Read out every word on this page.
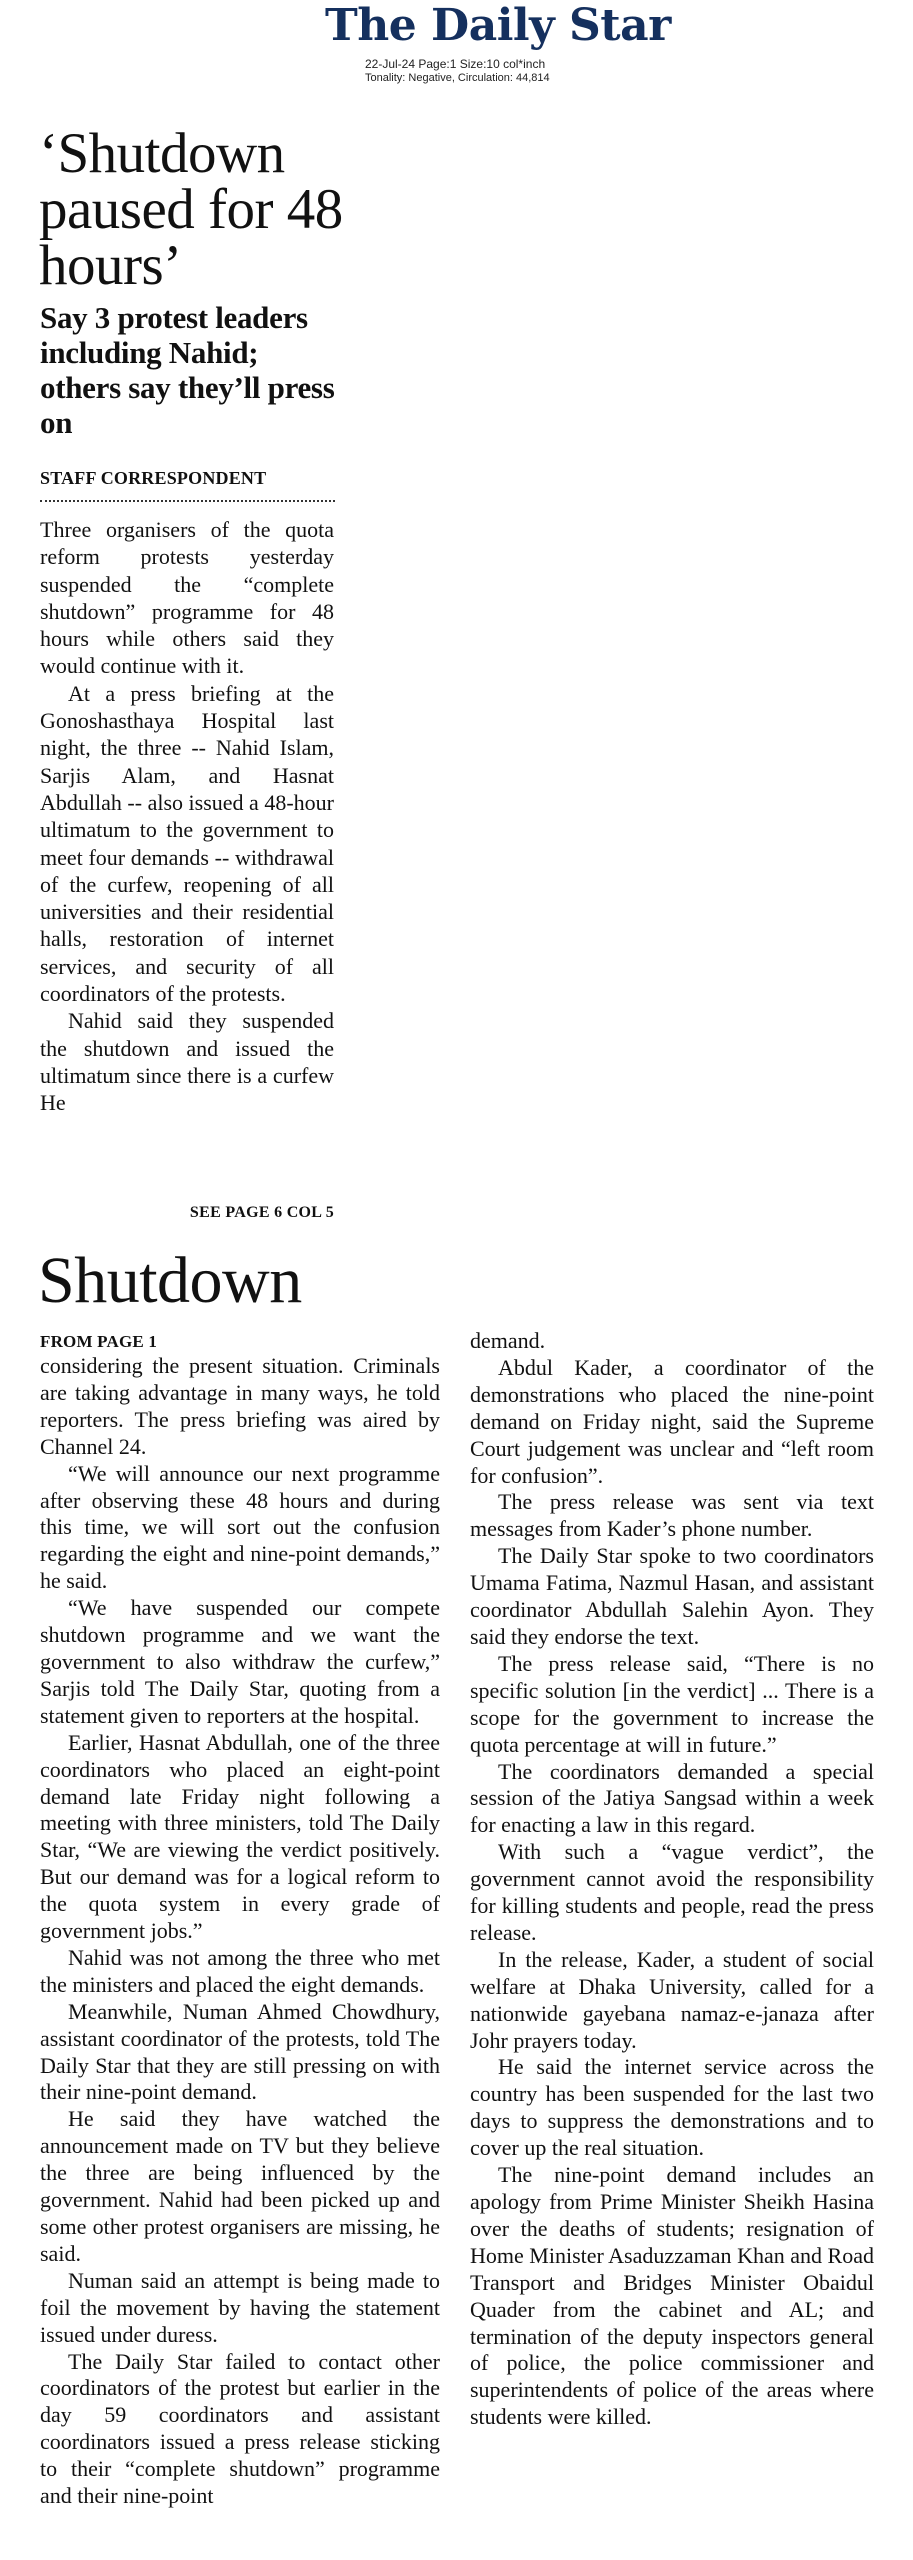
The Daily Star
22-Jul-24 Page:1 Size:10 col*inch
Tonality: Negative, Circulation: 44,814
‘Shutdown paused for 48 hours’
Say 3 protest leaders including Nahid; others say they’ll press on
STAFF CORRESPONDENT

Three organisers of the quota reform protests yesterday suspended the “complete shutdown” programme for 48 hours while others said they would continue with it.

At a press briefing at the Gonoshasthaya Hospital last night, the three -- Nahid Islam, Sarjis Alam, and Hasnat Abdullah -- also issued a 48-hour ultimatum to the government to meet four demands -- withdrawal of the curfew, reopening of all universities and their residential halls, restoration of internet services, and security of all coordinators of the protests.

Nahid said they suspended the shutdown and issued the ultimatum since there is a curfew He

SEE PAGE 6 COL 5
Shutdown
FROM PAGE 1

considering the present situation. Criminals are taking advantage in many ways, he told reporters. The press briefing was aired by Channel 24.

“We will announce our next programme after observing these 48 hours and during this time, we will sort out the confusion regarding the eight and nine-point demands,” he said.

“We have suspended our compete shutdown programme and we want the government to also withdraw the curfew,” Sarjis told The Daily Star, quoting from a statement given to reporters at the hospital.

Earlier, Hasnat Abdullah, one of the three coordinators who placed an eight-point demand late Friday night following a meeting with three ministers, told The Daily Star, “We are viewing the verdict positively. But our demand was for a logical reform to the quota system in every grade of government jobs.”

Nahid was not among the three who met the ministers and placed the eight demands.

Meanwhile, Numan Ahmed Chowdhury, assistant coordinator of the protests, told The Daily Star that they are still pressing on with their nine-point demand.

He said they have watched the announcement made on TV but they believe the three are being influenced by the government. Nahid had been picked up and some other protest organisers are missing, he said.

Numan said an attempt is being made to foil the movement by having the statement issued under duress.

The Daily Star failed to contact other coordinators of the protest but earlier in the day 59 coordinators and assistant coordinators issued a press release sticking to their “complete shutdown” programme and their nine-point

demand.

Abdul Kader, a coordinator of the demonstrations who placed the nine-point demand on Friday night, said the Supreme Court judgement was unclear and “left room for confusion”.

The press release was sent via text messages from Kader’s phone number.

The Daily Star spoke to two coordinators Umama Fatima, Nazmul Hasan, and assistant coordinator Abdullah Salehin Ayon. They said they endorse the text.

The press release said, “There is no specific solution [in the verdict] ... There is a scope for the government to increase the quota percentage at will in future.”

The coordinators demanded a special session of the Jatiya Sangsad within a week for enacting a law in this regard.

With such a “vague verdict”, the government cannot avoid the responsibility for killing students and people, read the press release.

In the release, Kader, a student of social welfare at Dhaka University, called for a nationwide gayebana namaz-e-janaza after Johr prayers today.

He said the internet service across the country has been suspended for the last two days to suppress the demonstrations and to cover up the real situation.

The nine-point demand includes an apology from Prime Minister Sheikh Hasina over the deaths of students; resignation of Home Minister Asaduzzaman Khan and Road Transport and Bridges Minister Obaidul Quader from the cabinet and AL; and termination of the deputy inspectors general of police, the police commissioner and superintendents of police of the areas where students were killed.
